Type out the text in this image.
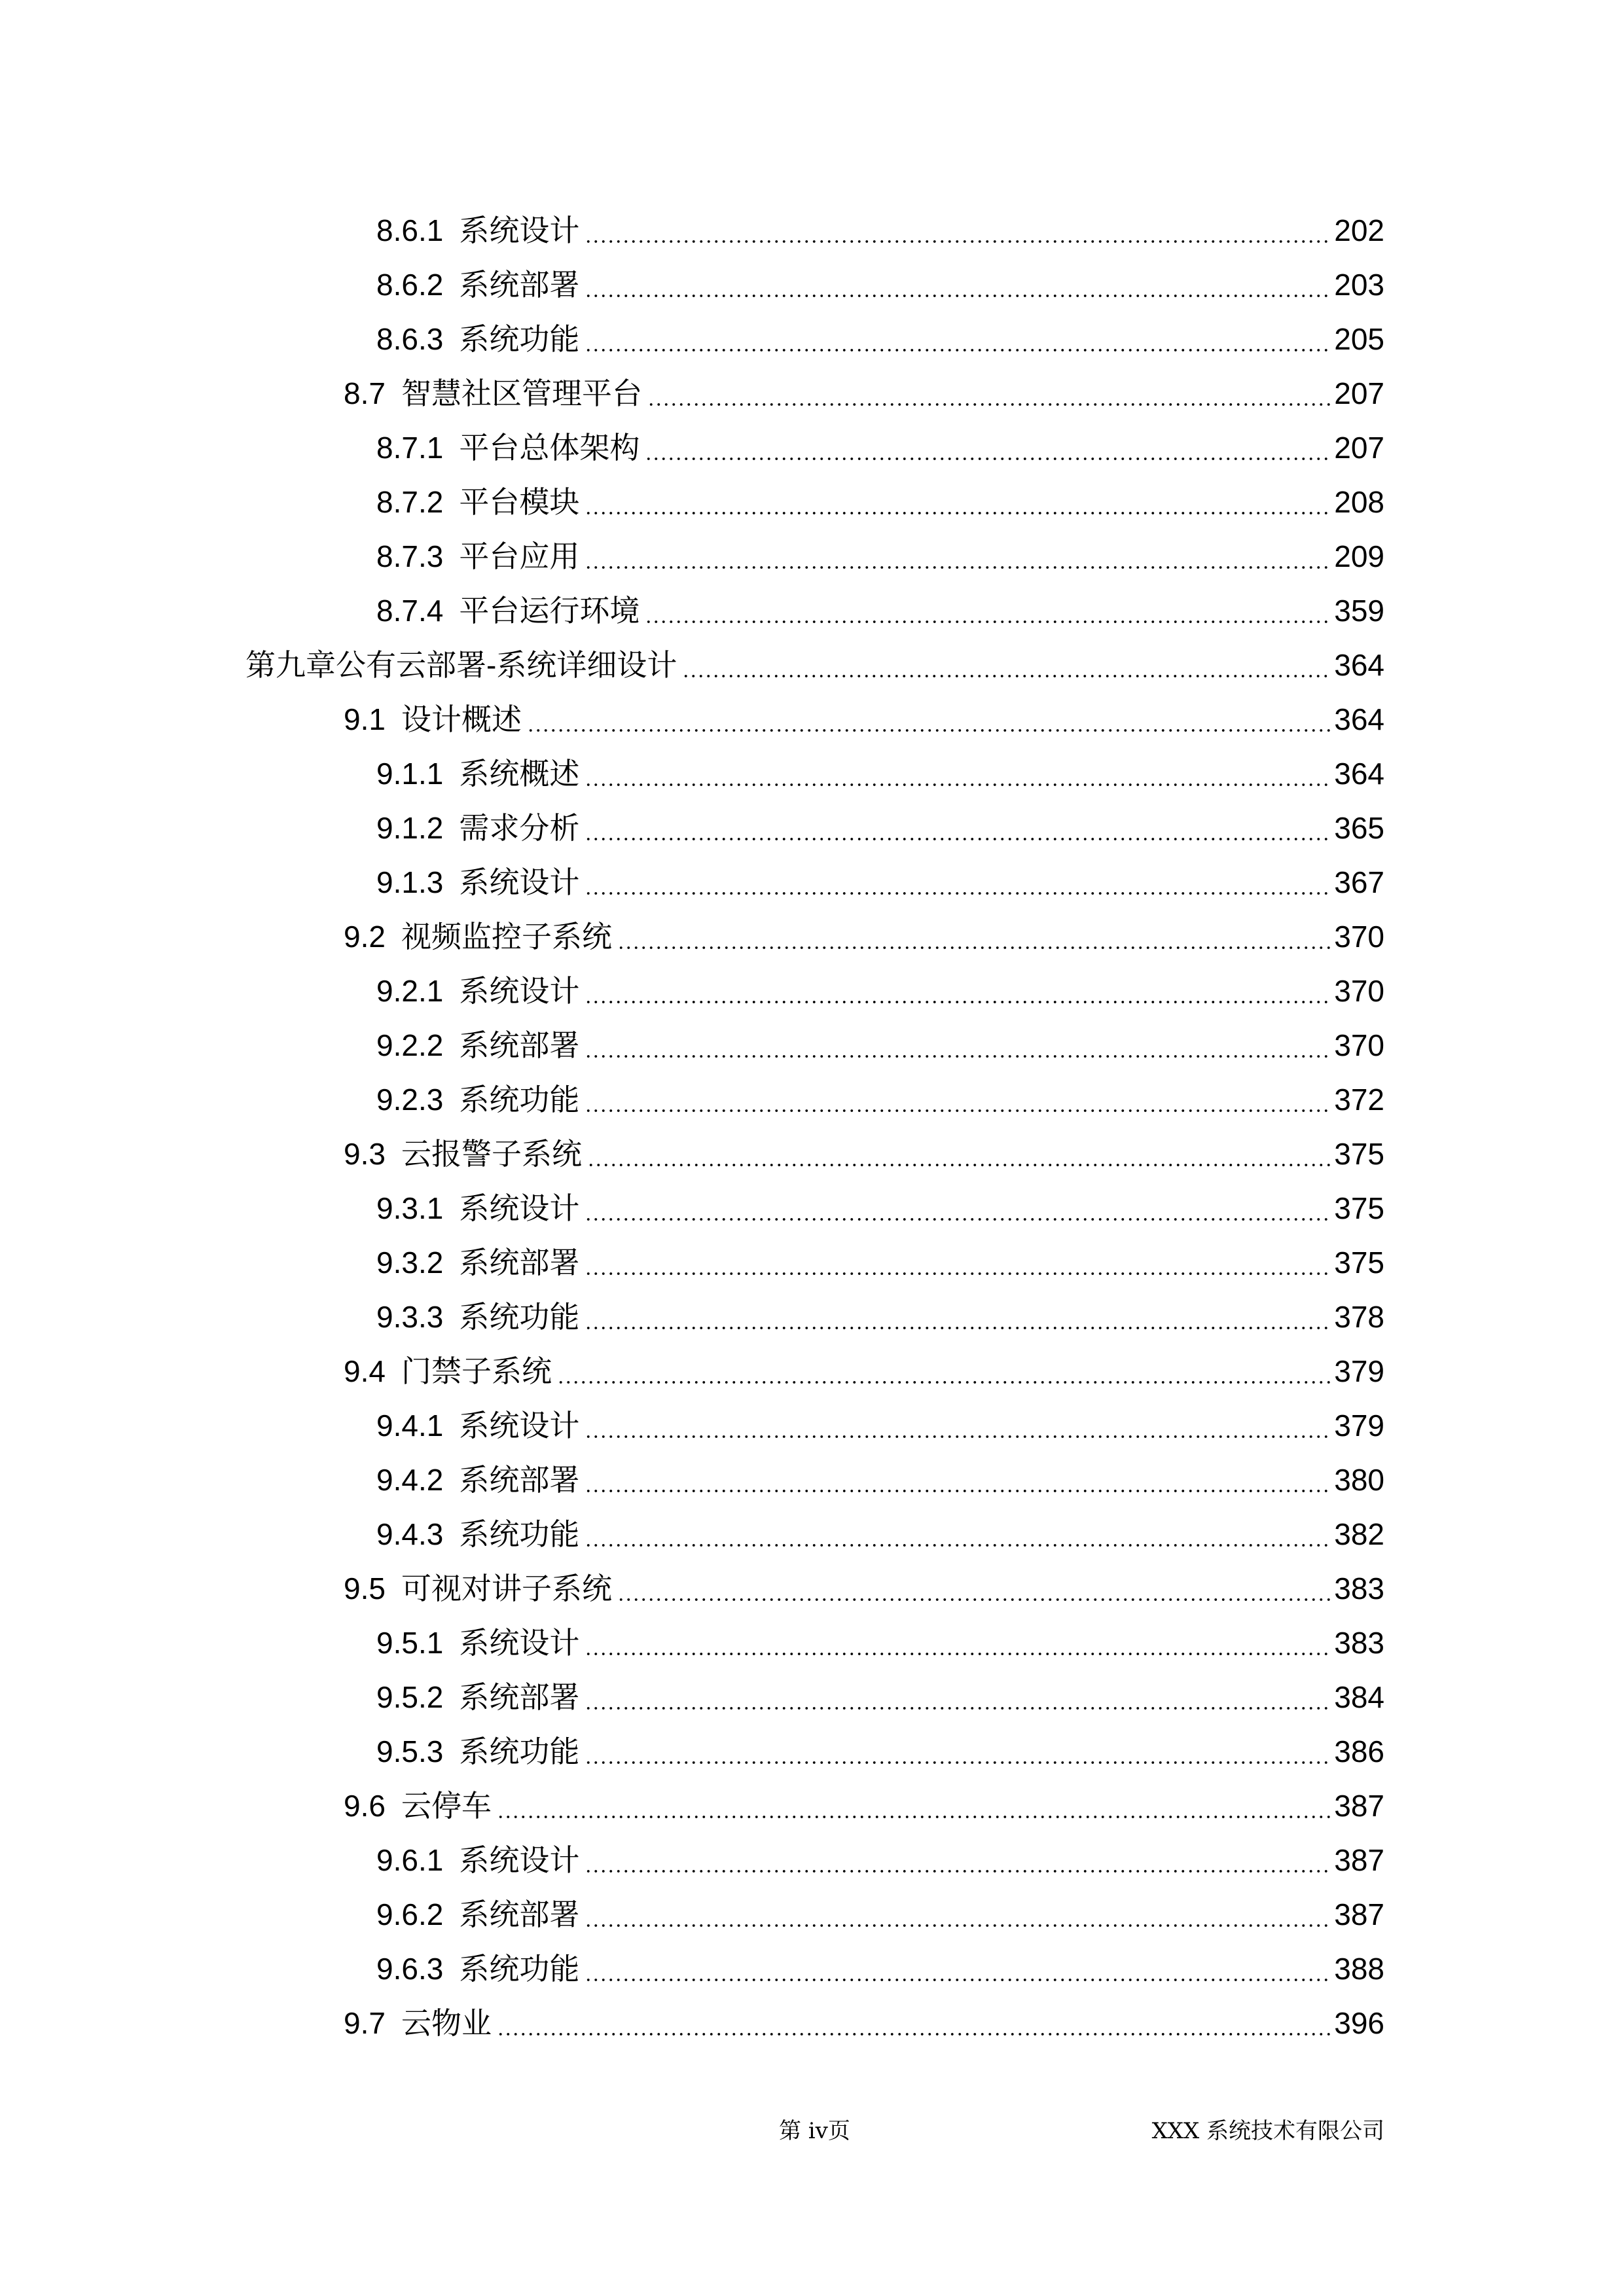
8.6.1 系统设计	202
8.6.2 系统部署	203
8.6.3 系统功能	205
8.7 智慧社区管理平台	207
8.7.1 平台总体架构	207
8.7.2 平台模块	208
8.7.3 平台应用	209
8.7.4 平台运行环境	359
第九章 公有云部署-系统详细设计	364
9.1 设计概述	364
9.1.1 系统概述	364
9.1.2 需求分析	365
9.1.3 系统设计	367
9.2 视频监控子系统	370
9.2.1 系统设计	370
9.2.2 系统部署	370
9.2.3 系统功能	372
9.3 云报警子系统	375
9.3.1 系统设计	375
9.3.2 系统部署	375
9.3.3 系统功能	378
9.4 门禁子系统	379
9.4.1 系统设计	379
9.4.2 系统部署	380
9.4.3 系统功能	382
9.5 可视对讲子系统	383
9.5.1 系统设计	383
9.5.2 系统部署	384
9.5.3 系统功能	386
9.6 云停车	387
9.6.1 系统设计	387
9.6.2 系统部署	387
9.6.3 系统功能	388
9.7 云物业	396
第 iv页	XXX 系统技术有限公司
